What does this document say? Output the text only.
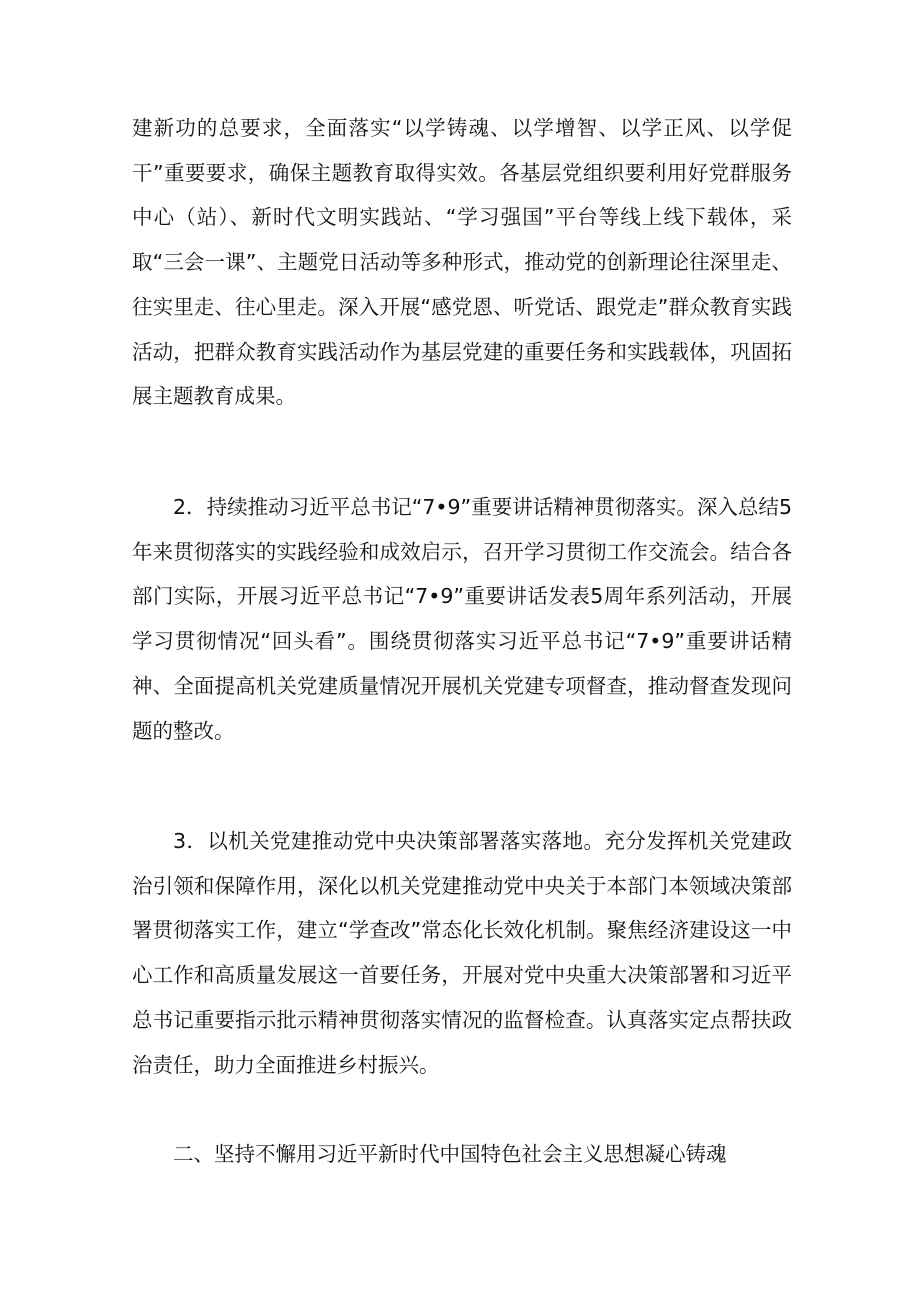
建新功的总要求，全面落实“以学铸魂、以学增智、以学正风、以学促干”重要要求，确保主题教育取得实效。各基层党组织要利用好党群服务中心（站）、新时代文明实践站、“学习强国”平台等线上线下载体，采取“三会一课”、主题党日活动等多种形式，推动党的创新理论往深里走、往实里走、往心里走。深入开展“感党恩、听党话、跟党走”群众教育实践活动，把群众教育实践活动作为基层党建的重要任务和实践载体，巩固拓展主题教育成果。

2．持续推动习近平总书记“7•9”重要讲话精神贯彻落实。深入总结5年来贯彻落实的实践经验和成效启示，召开学习贯彻工作交流会。结合各部门实际，开展习近平总书记“7•9”重要讲话发表5周年系列活动，开展学习贯彻情况“回头看”。围绕贯彻落实习近平总书记“7•9”重要讲话精神、全面提高机关党建质量情况开展机关党建专项督查，推动督查发现问题的整改。

3．以机关党建推动党中央决策部署落实落地。充分发挥机关党建政治引领和保障作用，深化以机关党建推动党中央关于本部门本领域决策部署贯彻落实工作，建立“学查改”常态化长效化机制。聚焦经济建设这一中心工作和高质量发展这一首要任务，开展对党中央重大决策部署和习近平总书记重要指示批示精神贯彻落实情况的监督检查。认真落实定点帮扶政治责任，助力全面推进乡村振兴。

二、坚持不懈用习近平新时代中国特色社会主义思想凝心铸魂
